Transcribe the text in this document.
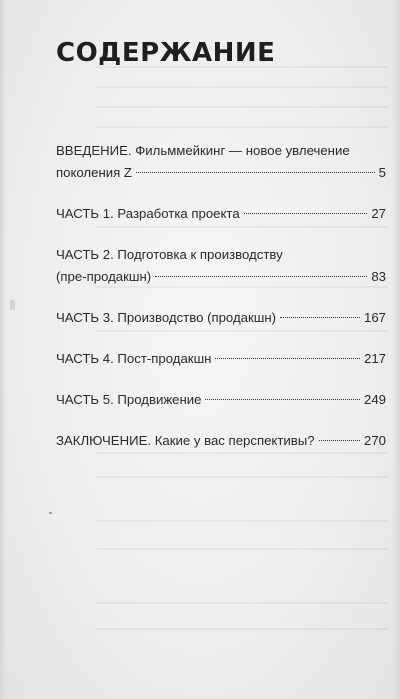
СОДЕРЖАНИЕ
ВВЕДЕНИЕ. Фильммейкинг — новое увлечение
поколения Z	5
ЧАСТЬ 1. Разработка проекта	27
ЧАСТЬ 2. Подготовка к производству
(пре-продакшн)	83
ЧАСТЬ 3. Производство (продакшн)	167
ЧАСТЬ 4. Пост-продакшн	217
ЧАСТЬ 5. Продвижение	249
ЗАКЛЮЧЕНИЕ. Какие у вас перспективы?	270
